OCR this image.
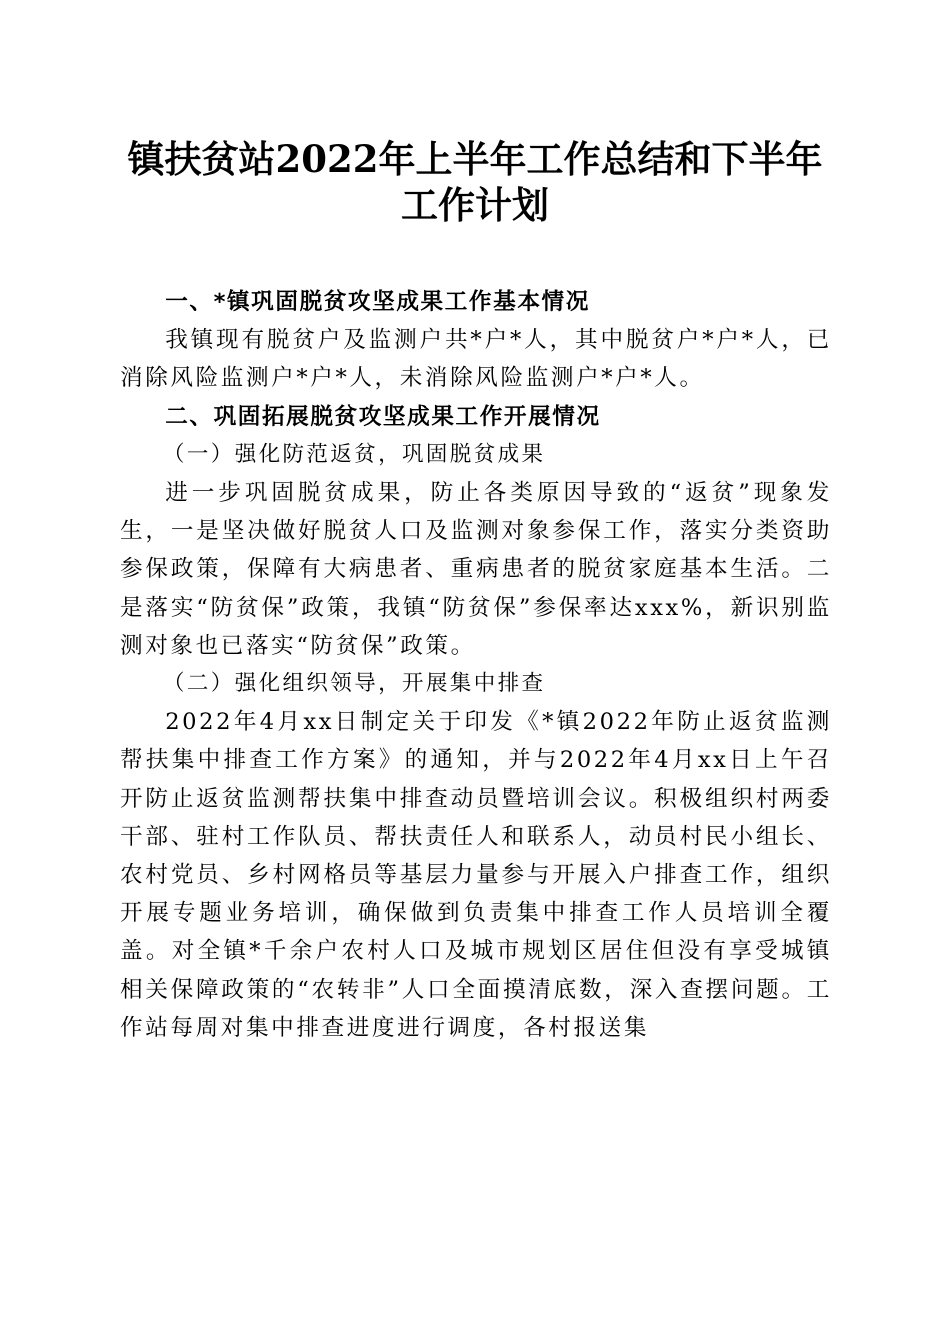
镇扶贫站2022年上半年工作总结和下半年工作计划

一、*镇巩固脱贫攻坚成果工作基本情况

我镇现有脱贫户及监测户共*户*人，其中脱贫户*户*人，已消除风险监测户*户*人，未消除风险监测户*户*人。

二、巩固拓展脱贫攻坚成果工作开展情况

（一）强化防范返贫，巩固脱贫成果

进一步巩固脱贫成果，防止各类原因导致的“返贫”现象发生，一是坚决做好脱贫人口及监测对象参保工作，落实分类资助参保政策，保障有大病患者、重病患者的脱贫家庭基本生活。二是落实“防贫保”政策，我镇“防贫保”参保率达xxx%，新识别监测对象也已落实“防贫保”政策。

（二）强化组织领导，开展集中排查

2022年4月xx日制定关于印发《*镇2022年防止返贫监测帮扶集中排查工作方案》的通知，并与2022年4月xx日上午召开防止返贫监测帮扶集中排查动员暨培训会议。积极组织村两委干部、驻村工作队员、帮扶责任人和联系人，动员村民小组长、农村党员、乡村网格员等基层力量参与开展入户排查工作，组织开展专题业务培训，确保做到负责集中排查工作人员培训全覆盖。对全镇*千余户农村人口及城市规划区居住但没有享受城镇相关保障政策的“农转非”人口全面摸清底数，深入查摆问题。工作站每周对集中排查进度进行调度，各村报送集
